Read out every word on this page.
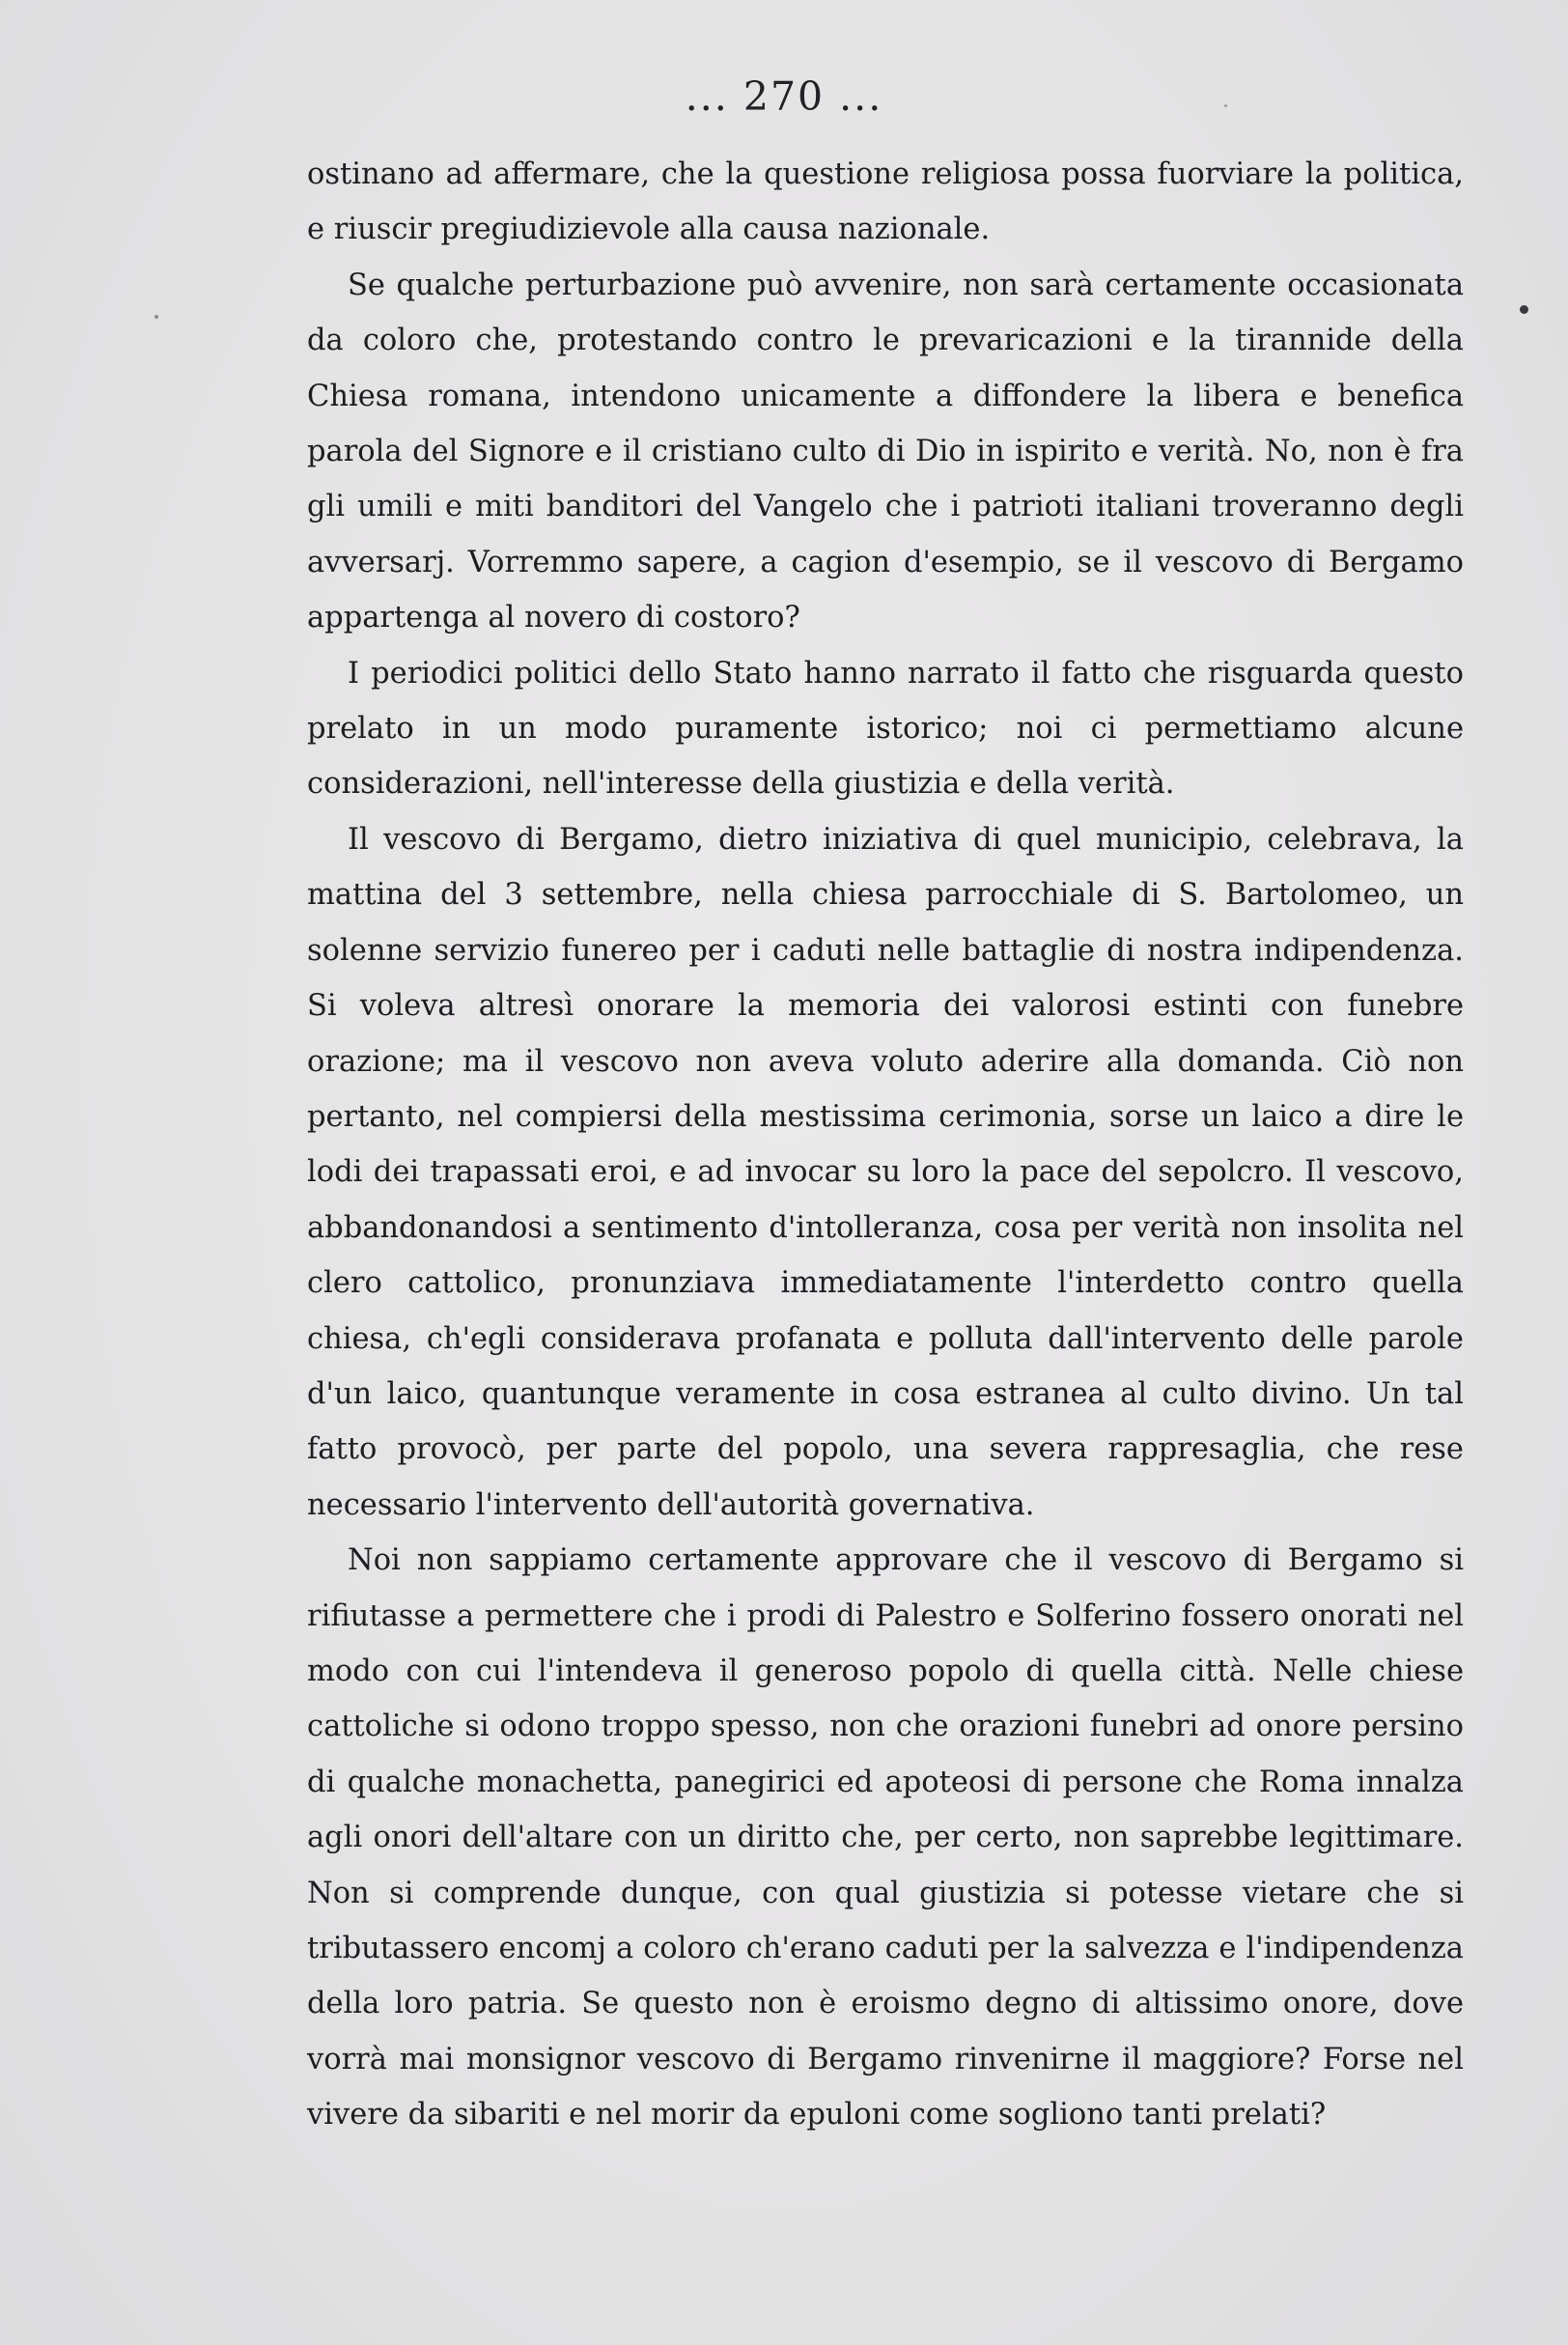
... 270 ...

ostinano ad affermare, che la questione religiosa possa fuorviare la politica, e riuscir pregiudizievole alla causa nazionale.

Se qualche perturbazione può avvenire, non sarà certamente occasionata da coloro che, protestando contro le prevaricazioni e la tirannide della Chiesa romana, intendono unicamente a diffondere la libera e benefica parola del Signore e il cristiano culto di Dio in ispirito e verità. No, non è fra gli umili e miti banditori del Vangelo che i patrioti italiani troveranno degli avversarj. Vorremmo sapere, a cagion d'esempio, se il vescovo di Bergamo appartenga al novero di costoro?

I periodici politici dello Stato hanno narrato il fatto che risguarda questo prelato in un modo puramente istorico; noi ci permettiamo alcune considerazioni, nell'interesse della giustizia e della verità.

Il vescovo di Bergamo, dietro iniziativa di quel municipio, celebrava, la mattina del 3 settembre, nella chiesa parrocchiale di S. Bartolomeo, un solenne servizio funereo per i caduti nelle battaglie di nostra indipendenza. Si voleva altresì onorare la memoria dei valorosi estinti con funebre orazione; ma il vescovo non aveva voluto aderire alla domanda. Ciò non pertanto, nel compiersi della mestissima cerimonia, sorse un laico a dire le lodi dei trapassati eroi, e ad invocar su loro la pace del sepolcro. Il vescovo, abbandonandosi a sentimento d'intolleranza, cosa per verità non insolita nel clero cattolico, pronunziava immediatamente l'interdetto contro quella chiesa, ch'egli considerava profanata e polluta dall'intervento delle parole d'un laico, quantunque veramente in cosa estranea al culto divino. Un tal fatto provocò, per parte del popolo, una severa rappresaglia, che rese necessario l'intervento dell'autorità governativa.

Noi non sappiamo certamente approvare che il vescovo di Bergamo si rifiutasse a permettere che i prodi di Palestro e Solferino fossero onorati nel modo con cui l'intendeva il generoso popolo di quella città. Nelle chiese cattoliche si odono troppo spesso, non che orazioni funebri ad onore persino di qualche monachetta, panegirici ed apoteosi di persone che Roma innalza agli onori dell'altare con un diritto che, per certo, non saprebbe legittimare. Non si comprende dunque, con qual giustizia si potesse vietare che si tributassero encomj a coloro ch'erano caduti per la salvezza e l'indipendenza della loro patria. Se questo non è eroismo degno di altissimo onore, dove vorrà mai monsignor vescovo di Bergamo rinvenirne il maggiore? Forse nel vivere da sibariti e nel morir da epuloni come sogliono tanti prelati?
